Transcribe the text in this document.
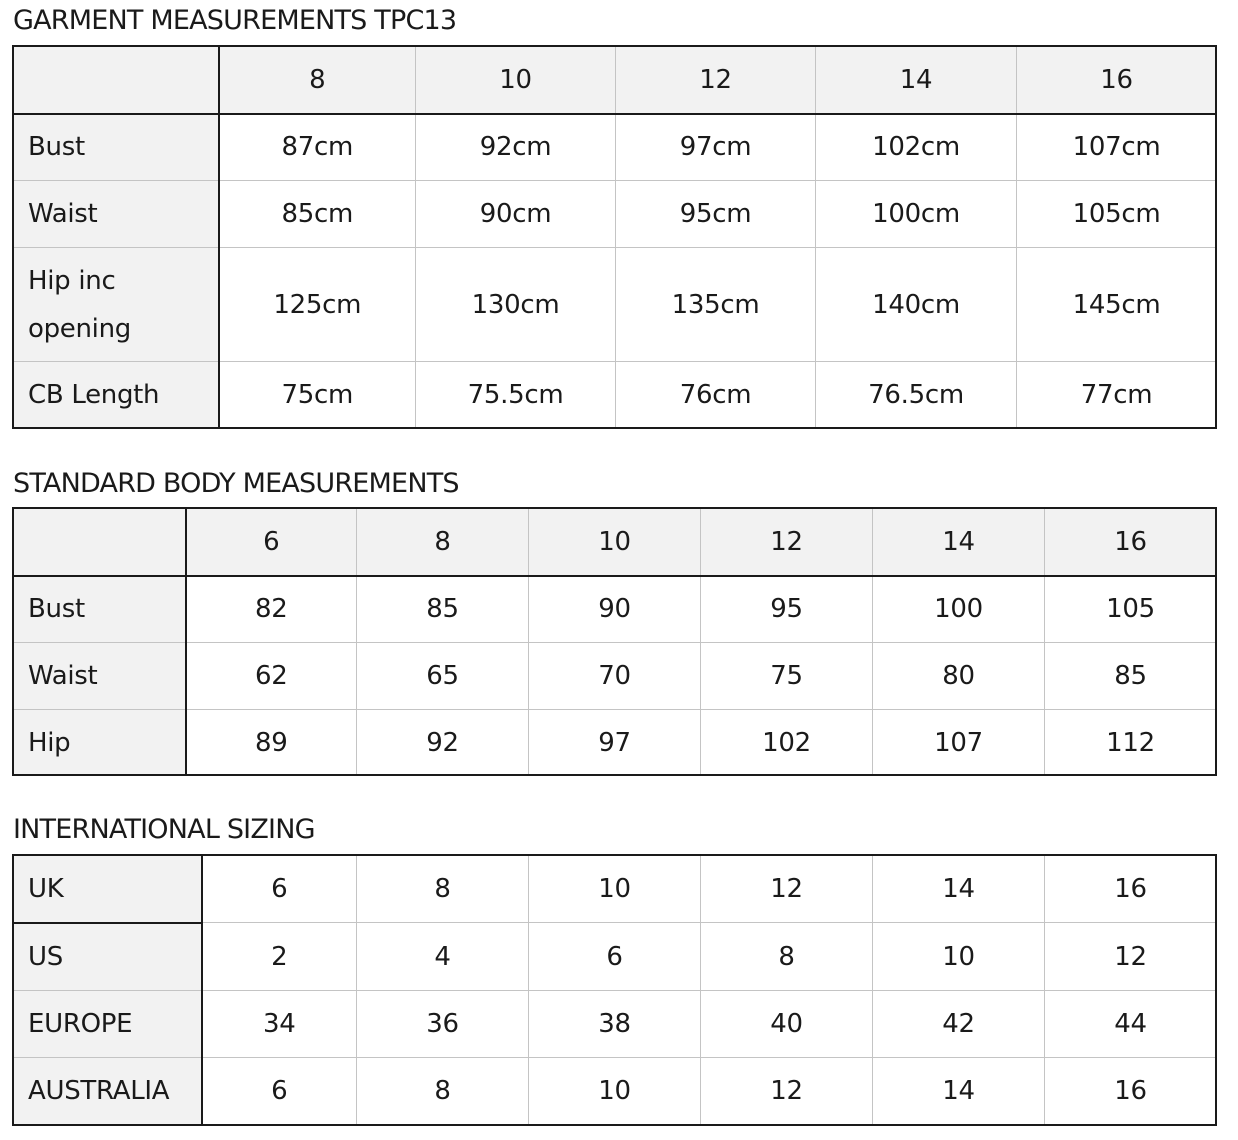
GARMENT MEASUREMENTS TPC13
	8	10	12	14	16
Bust	87cm	92cm	97cm	102cm	107cm
Waist	85cm	90cm	95cm	100cm	105cm

Hip inc
opening	125cm	130cm	135cm	140cm	145cm
CB Length	75cm	75.5cm	76cm	76.5cm	77cm
STANDARD BODY MEASUREMENTS
	6	8	10	12	14	16
Bust	82	85	90	95	100	105
Waist	62	65	70	75	80	85
Hip	89	92	97	102	107	112
INTERNATIONAL SIZING
UK	6	8	10	12	14	16
US	2	4	6	8	10	12
EUROPE	34	36	38	40	42	44
AUSTRALIA	6	8	10	12	14	16
